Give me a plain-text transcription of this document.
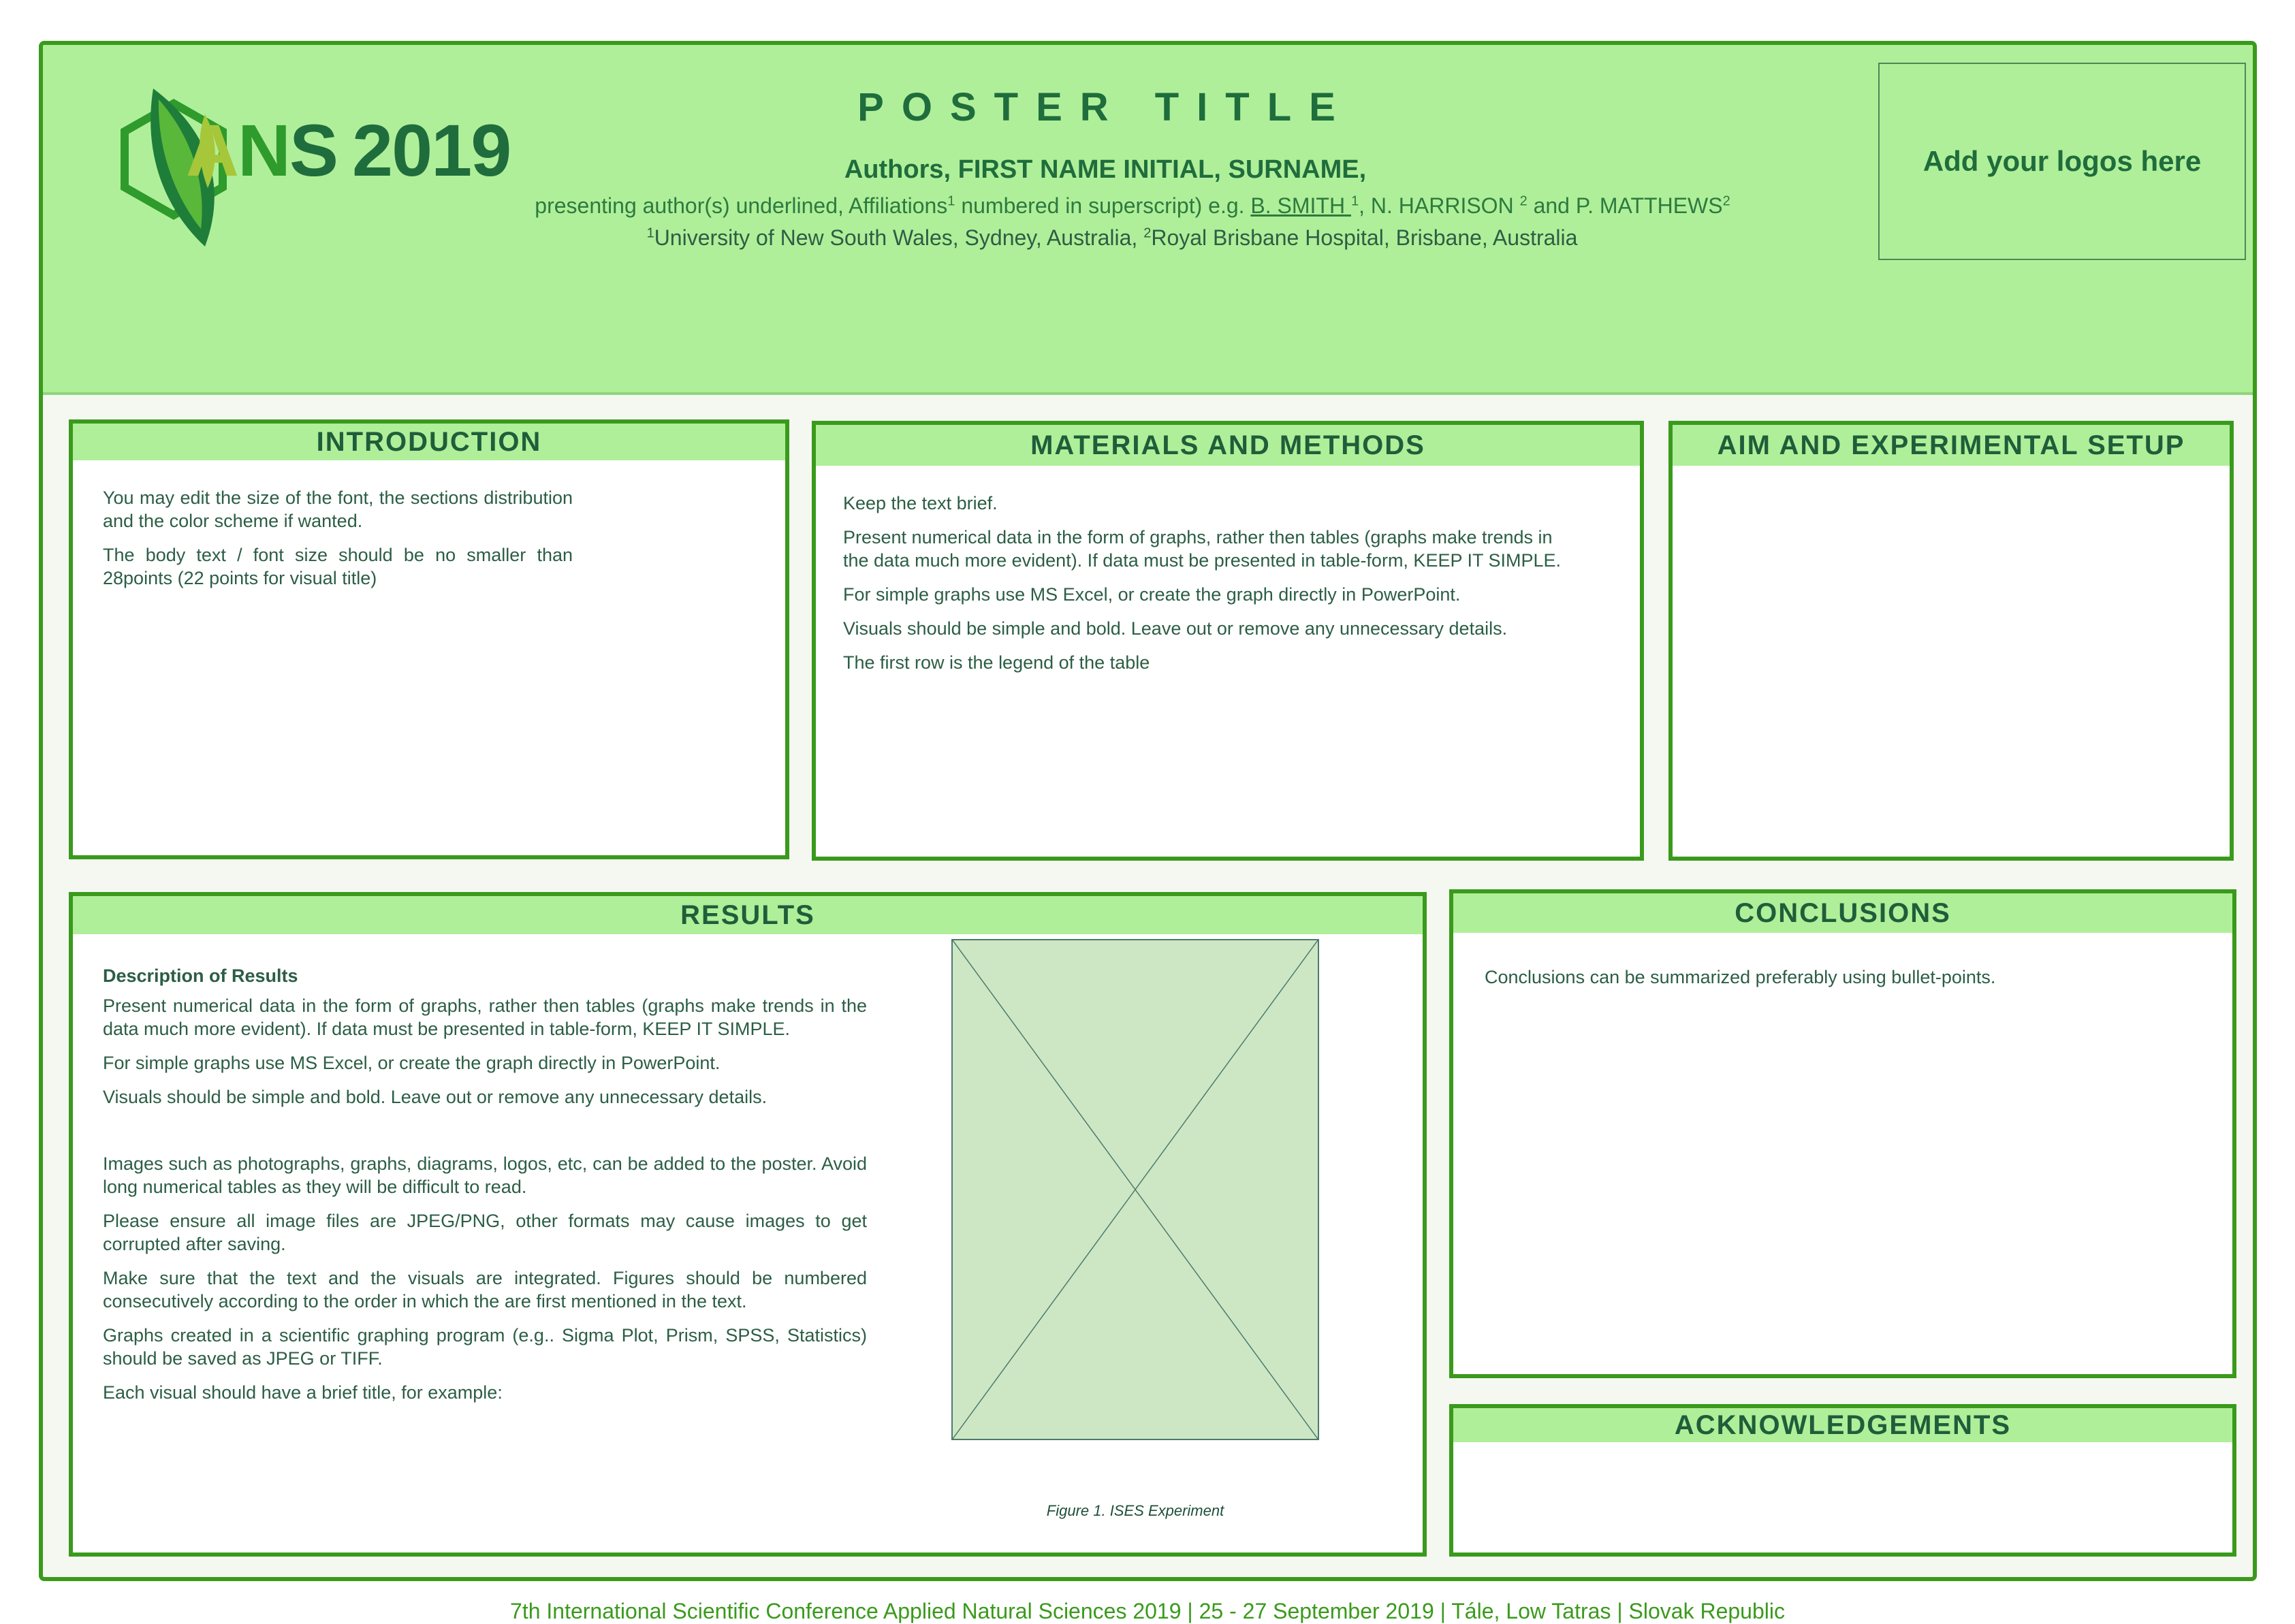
ANS 2019
POSTER TITLE
Authors, FIRST NAME INITIAL, SURNAME,
presenting author(s) underlined, Affiliations$^1$ numbered in superscript) e.g. B. SMITH $^1$, N. HARRISON $^2$ and P. MATTHEWS$^2$
$^1$University of New South Wales, Sydney, Australia, $^2$Royal Brisbane Hospital, Brisbane, Australia
Add your logos here
INTRODUCTION

You may edit the size of the font, the sections distribution and the color scheme if wanted.

The body text / font size should be no smaller than 28points (22 points for visual title)

MATERIALS AND METHODS

Keep the text brief.

Present numerical data in the form of graphs, rather then tables (graphs make trends in the data much more evident). If data must be presented in table-form, KEEP IT SIMPLE.

For simple graphs use MS Excel, or create the graph directly in PowerPoint.

Visuals should be simple and bold. Leave out or remove any unnecessary details.

The first row is the legend of the table

AIM AND EXPERIMENTAL SETUP
RESULTS

Description of Results

Present numerical data in the form of graphs, rather then tables (graphs make trends in the data much more evident). If data must be presented in table-form, KEEP IT SIMPLE.

For simple graphs use MS Excel, or create the graph directly in PowerPoint.

Visuals should be simple and bold. Leave out or remove any unnecessary details.

Images such as photographs, graphs, diagrams, logos, etc, can be added to the poster. Avoid long numerical tables as they will be difficult to read.

Please ensure all image files are JPEG/PNG, other formats may cause images to get corrupted after saving.

Make sure that the text and the visuals are integrated. Figures should be numbered consecutively according to the order in which the are first mentioned in the text.

Graphs created in a scientific graphing program (e.g.. Sigma Plot, Prism, SPSS, Statistics) should be saved as JPEG or TIFF.

Each visual should have a brief title, for example:

Figure 1. ISES Experiment
CONCLUSIONS

Conclusions can be summarized preferably using bullet-points.

ACKNOWLEDGEMENTS
7th International Scientific Conference Applied Natural Sciences 2019 | 25 - 27 September 2019 | Tále, Low Tatras | Slovak Republic
